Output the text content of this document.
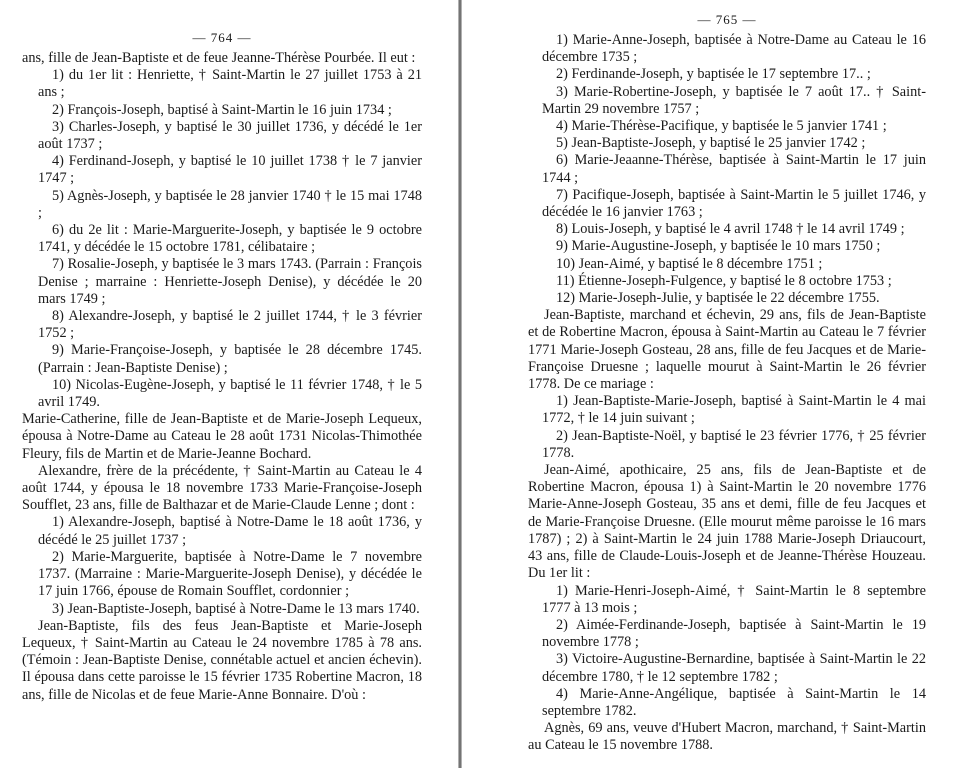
— 764 —

ans, fille de Jean-Baptiste et de feue Jeanne-Thérèse Pourbée. Il eut :

1) du 1er lit : Henriette, † Saint-Martin le 27 juillet 1753 à 21 ans ;

2) François-Joseph, baptisé à Saint-Martin le 16 juin 1734 ;

3) Charles-Joseph, y baptisé le 30 juillet 1736, y décédé le 1er août 1737 ;

4) Ferdinand-Joseph, y baptisé le 10 juillet 1738 † le 7 janvier 1747 ;

5) Agnès-Joseph, y baptisée le 28 janvier 1740 † le 15 mai 1748 ;

6) du 2e lit : Marie-Marguerite-Joseph, y baptisée le 9 octobre 1741, y décédée le 15 octobre 1781, célibataire ;

7) Rosalie-Joseph, y baptisée le 3 mars 1743. (Parrain : François Denise ; marraine : Henriette-Joseph Denise), y décédée le 20 mars 1749 ;

8) Alexandre-Joseph, y baptisé le 2 juillet 1744, † le 3 février 1752 ;

9) Marie-Françoise-Joseph, y baptisée le 28 décembre 1745. (Parrain : Jean-Baptiste Denise) ;

10) Nicolas-Eugène-Joseph, y baptisé le 11 février 1748, † le 5 avril 1749.

Marie-Catherine, fille de Jean-Baptiste et de Marie-Joseph Lequeux, épousa à Notre-Dame au Cateau le 28 août 1731 Nicolas-Thimothée Fleury, fils de Martin et de Marie-Jeanne Bochard.

Alexandre, frère de la précédente, † Saint-Martin au Cateau le 4 août 1744, y épousa le 18 novembre 1733 Marie-Françoise-Joseph Soufflet, 23 ans, fille de Balthazar et de Marie-Claude Lenne ; dont :

1) Alexandre-Joseph, baptisé à Notre-Dame le 18 août 1736, y décédé le 25 juillet 1737 ;

2) Marie-Marguerite, baptisée à Notre-Dame le 7 novembre 1737. (Marraine : Marie-Marguerite-Joseph Denise), y décédée le 17 juin 1766, épouse de Romain Soufflet, cordonnier ;

3) Jean-Baptiste-Joseph, baptisé à Notre-Dame le 13 mars 1740.

Jean-Baptiste, fils des feus Jean-Baptiste et Marie-Joseph Lequeux, † Saint-Martin au Cateau le 24 novembre 1785 à 78 ans. (Témoin : Jean-Baptiste Denise, connétable actuel et ancien échevin). Il épousa dans cette paroisse le 15 février 1735 Robertine Macron, 18 ans, fille de Nicolas et de feue Marie-Anne Bonnaire. D'où :

— 765 —

1) Marie-Anne-Joseph, baptisée à Notre-Dame au Cateau le 16 décembre 1735 ;

2) Ferdinande-Joseph, y baptisée le 17 septembre 17.. ;

3) Marie-Robertine-Joseph, y baptisée le 7 août 17.. † Saint-Martin 29 novembre 1757 ;

4) Marie-Thérèse-Pacifique, y baptisée le 5 janvier 1741 ;

5) Jean-Baptiste-Joseph, y baptisé le 25 janvier 1742 ;

6) Marie-Jeaanne-Thérèse, baptisée à Saint-Martin le 17 juin 1744 ;

7) Pacifique-Joseph, baptisée à Saint-Martin le 5 juillet 1746, y décédée le 16 janvier 1763 ;

8) Louis-Joseph, y baptisé le 4 avril 1748 † le 14 avril 1749 ;

9) Marie-Augustine-Joseph, y baptisée le 10 mars 1750 ;

10) Jean-Aimé, y baptisé le 8 décembre 1751 ;

11) Étienne-Joseph-Fulgence, y baptisé le 8 octobre 1753 ;

12) Marie-Joseph-Julie, y baptisée le 22 décembre 1755.

Jean-Baptiste, marchand et échevin, 29 ans, fils de Jean-Baptiste et de Robertine Macron, épousa à Saint-Martin au Cateau le 7 février 1771 Marie-Joseph Gosteau, 28 ans, fille de feu Jacques et de Marie-Françoise Druesne ; laquelle mourut à Saint-Martin le 26 février 1778. De ce mariage :

1) Jean-Baptiste-Marie-Joseph, baptisé à Saint-Martin le 4 mai 1772, † le 14 juin suivant ;

2) Jean-Baptiste-Noël, y baptisé le 23 février 1776, † 25 février 1778.

Jean-Aimé, apothicaire, 25 ans, fils de Jean-Baptiste et de Robertine Macron, épousa 1) à Saint-Martin le 20 novembre 1776 Marie-Anne-Joseph Gosteau, 35 ans et demi, fille de feu Jacques et de Marie-Françoise Druesne. (Elle mourut même paroisse le 16 mars 1787) ; 2) à Saint-Martin le 24 juin 1788 Marie-Joseph Driaucourt, 43 ans, fille de Claude-Louis-Joseph et de Jeanne-Thérèse Houzeau. Du 1er lit :

1) Marie-Henri-Joseph-Aimé, † Saint-Martin le 8 septembre 1777 à 13 mois ;

2) Aimée-Ferdinande-Joseph, baptisée à Saint-Martin le 19 novembre 1778 ;

3) Victoire-Augustine-Bernardine, baptisée à Saint-Martin le 22 décembre 1780, † le 12 septembre 1782 ;

4) Marie-Anne-Angélique, baptisée à Saint-Martin le 14 septembre 1782.

Agnès, 69 ans, veuve d'Hubert Macron, marchand, † Saint-Martin au Cateau le 15 novembre 1788.
